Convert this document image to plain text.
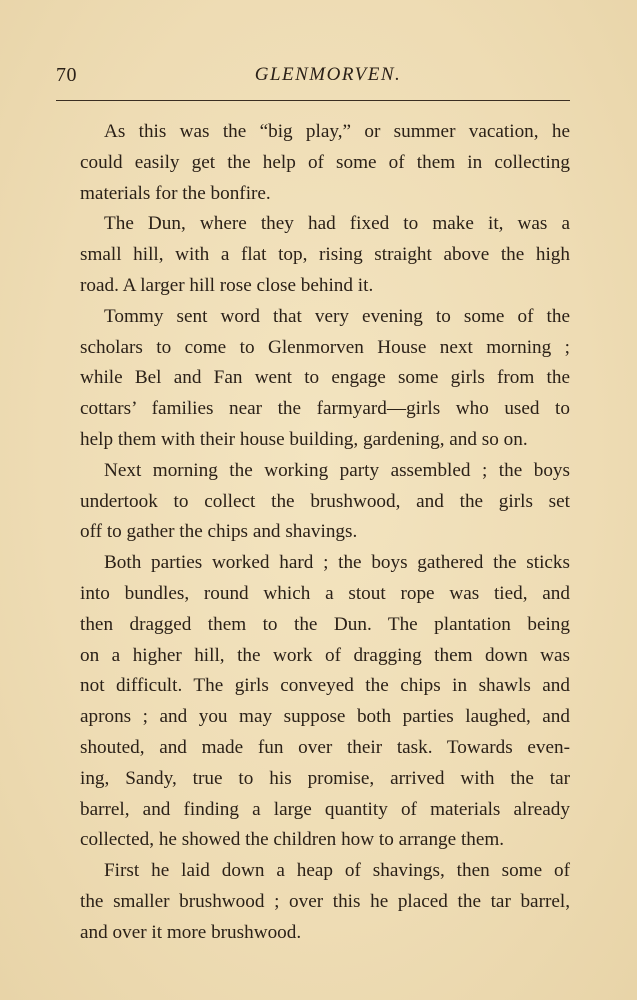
70	GLENMORVEN.
As this was the “big play,” or summer vacation, he
could easily get the help of some of them in collecting
materials for the bonfire.
The Dun, where they had fixed to make it, was a
small hill, with a flat top, rising straight above the high
road. A larger hill rose close behind it.
Tommy sent word that very evening to some of the
scholars to come to Glenmorven House next morning ;
while Bel and Fan went to engage some girls from the
cottars’ families near the farmyard—girls who used to
help them with their house building, gardening, and so on.
Next morning the working party assembled ; the boys
undertook to collect the brushwood, and the girls set
off to gather the chips and shavings.
Both parties worked hard ; the boys gathered the sticks
into bundles, round which a stout rope was tied, and
then dragged them to the Dun. The plantation being
on a higher hill, the work of dragging them down was
not difficult. The girls conveyed the chips in shawls and
aprons ; and you may suppose both parties laughed, and
shouted, and made fun over their task. Towards even-
ing, Sandy, true to his promise, arrived with the tar
barrel, and finding a large quantity of materials already
collected, he showed the children how to arrange them.
First he laid down a heap of shavings, then some of
the smaller brushwood ; over this he placed the tar barrel,
and over it more brushwood.
